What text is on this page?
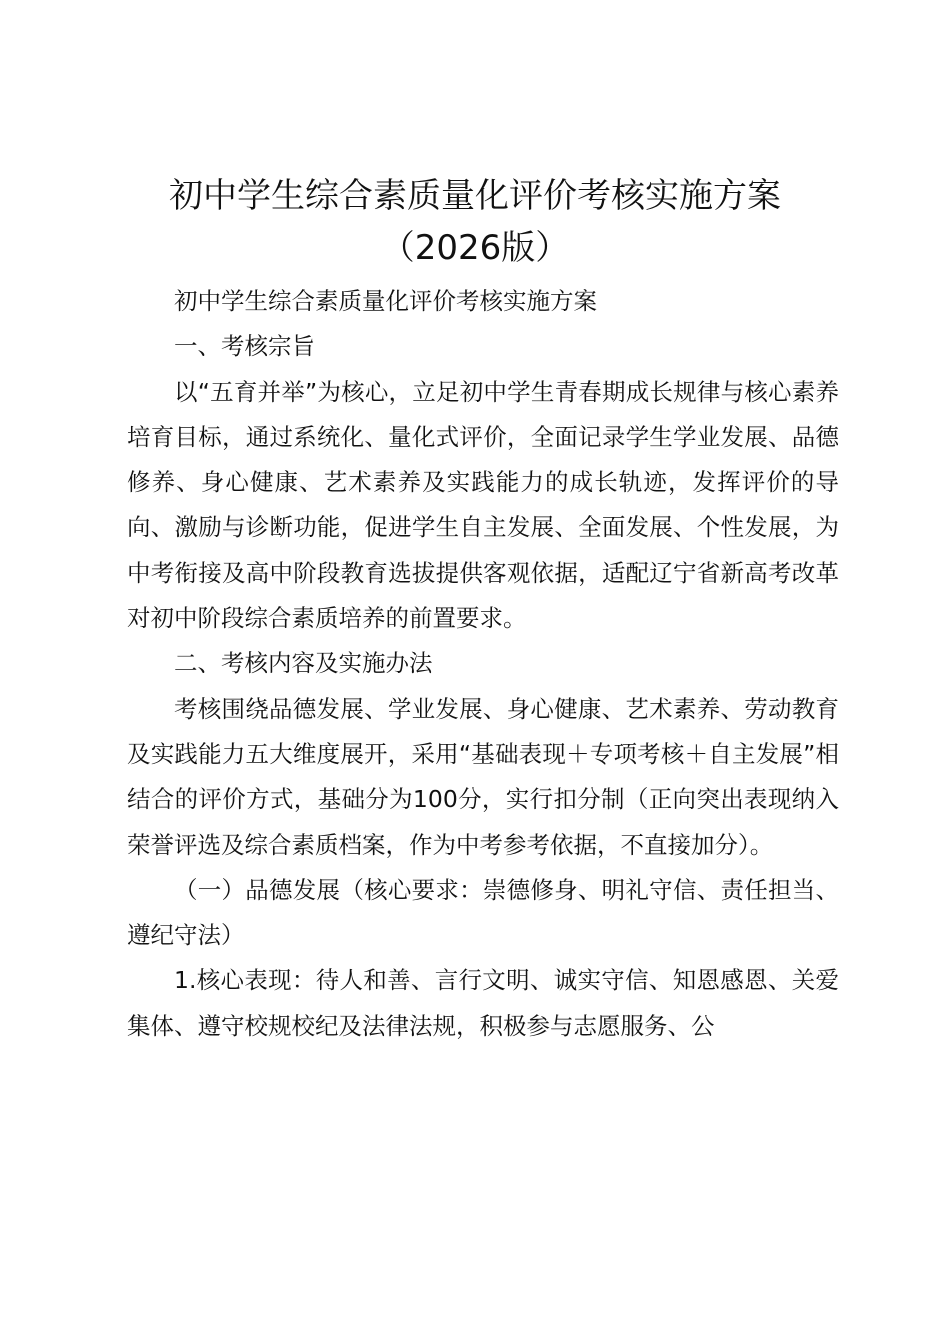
初中学生综合素质量化评价考核实施方案
（2026版）

初中学生综合素质量化评价考核实施方案

一、考核宗旨

以“五育并举”为核心，立足初中学生青春期成长规律与核心素养培育目标，通过系统化、量化式评价，全面记录学生学业发展、品德修养、身心健康、艺术素养及实践能力的成长轨迹，发挥评价的导向、激励与诊断功能，促进学生自主发展、全面发展、个性发展，为中考衔接及高中阶段教育选拔提供客观依据，适配辽宁省新高考改革对初中阶段综合素质培养的前置要求。

二、考核内容及实施办法

考核围绕品德发展、学业发展、身心健康、艺术素养、劳动教育及实践能力五大维度展开，采用“基础表现＋专项考核＋自主发展”相结合的评价方式，基础分为100分，实行扣分制（正向突出表现纳入荣誉评选及综合素质档案，作为中考参考依据，不直接加分）。

（一）品德发展（核心要求：崇德修身、明礼守信、责任担当、遵纪守法）

1.核心表现：待人和善、言行文明、诚实守信、知恩感恩、关爱集体、遵守校规校纪及法律法规，积极参与志愿服务、公
